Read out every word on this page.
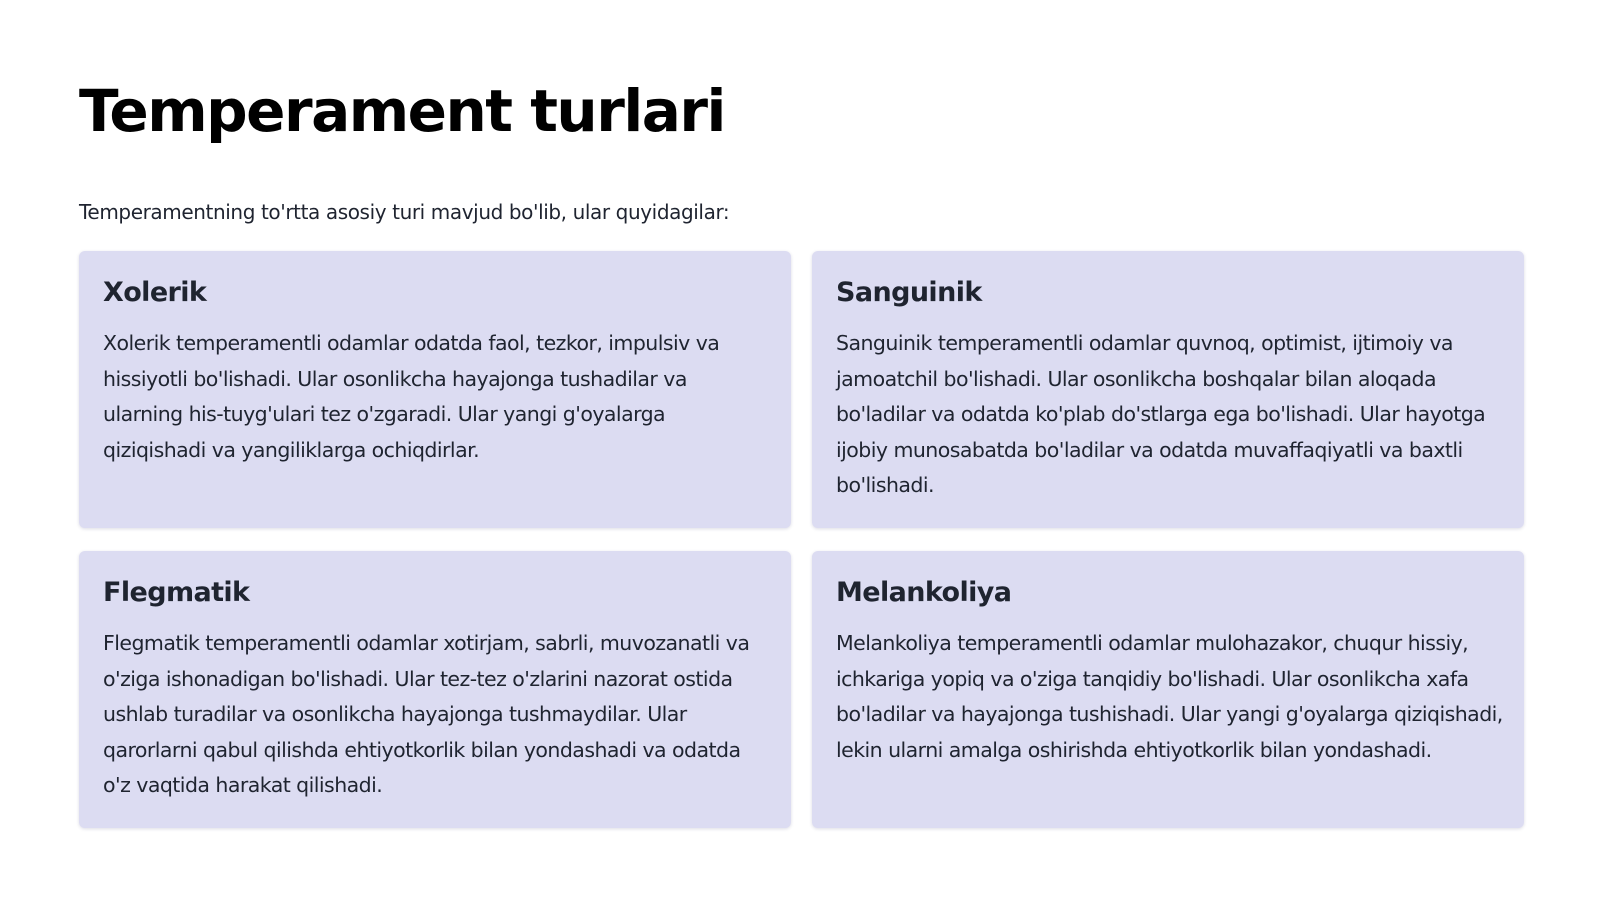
Temperament turlari

Temperamentning to'rtta asosiy turi mavjud bo'lib, ular quyidagilar:

Xolerik

Xolerik temperamentli odamlar odatda faol, tezkor, impulsiv va hissiyotli bo'lishadi. Ular osonlikcha hayajonga tushadilar va ularning his-tuyg'ulari tez o'zgaradi. Ular yangi g'oyalarga qiziqishadi va yangiliklarga ochiqdirlar.

Sanguinik

Sanguinik temperamentli odamlar quvnoq, optimist, ijtimoiy va jamoatchil bo'lishadi. Ular osonlikcha boshqalar bilan aloqada bo'ladilar va odatda ko'plab do'stlarga ega bo'lishadi. Ular hayotga ijobiy munosabatda bo'ladilar va odatda muvaffaqiyatli va baxtli bo'lishadi.

Flegmatik

Flegmatik temperamentli odamlar xotirjam, sabrli, muvozanatli va o'ziga ishonadigan bo'lishadi. Ular tez-tez o'zlarini nazorat ostida ushlab turadilar va osonlikcha hayajonga tushmaydilar. Ular qarorlarni qabul qilishda ehtiyotkorlik bilan yondashadi va odatda o'z vaqtida harakat qilishadi.

Melankoliya

Melankoliya temperamentli odamlar mulohazakor, chuqur hissiy, ichkariga yopiq va o'ziga tanqidiy bo'lishadi. Ular osonlikcha xafa bo'ladilar va hayajonga tushishadi. Ular yangi g'oyalarga qiziqishadi, lekin ularni amalga oshirishda ehtiyotkorlik bilan yondashadi.
